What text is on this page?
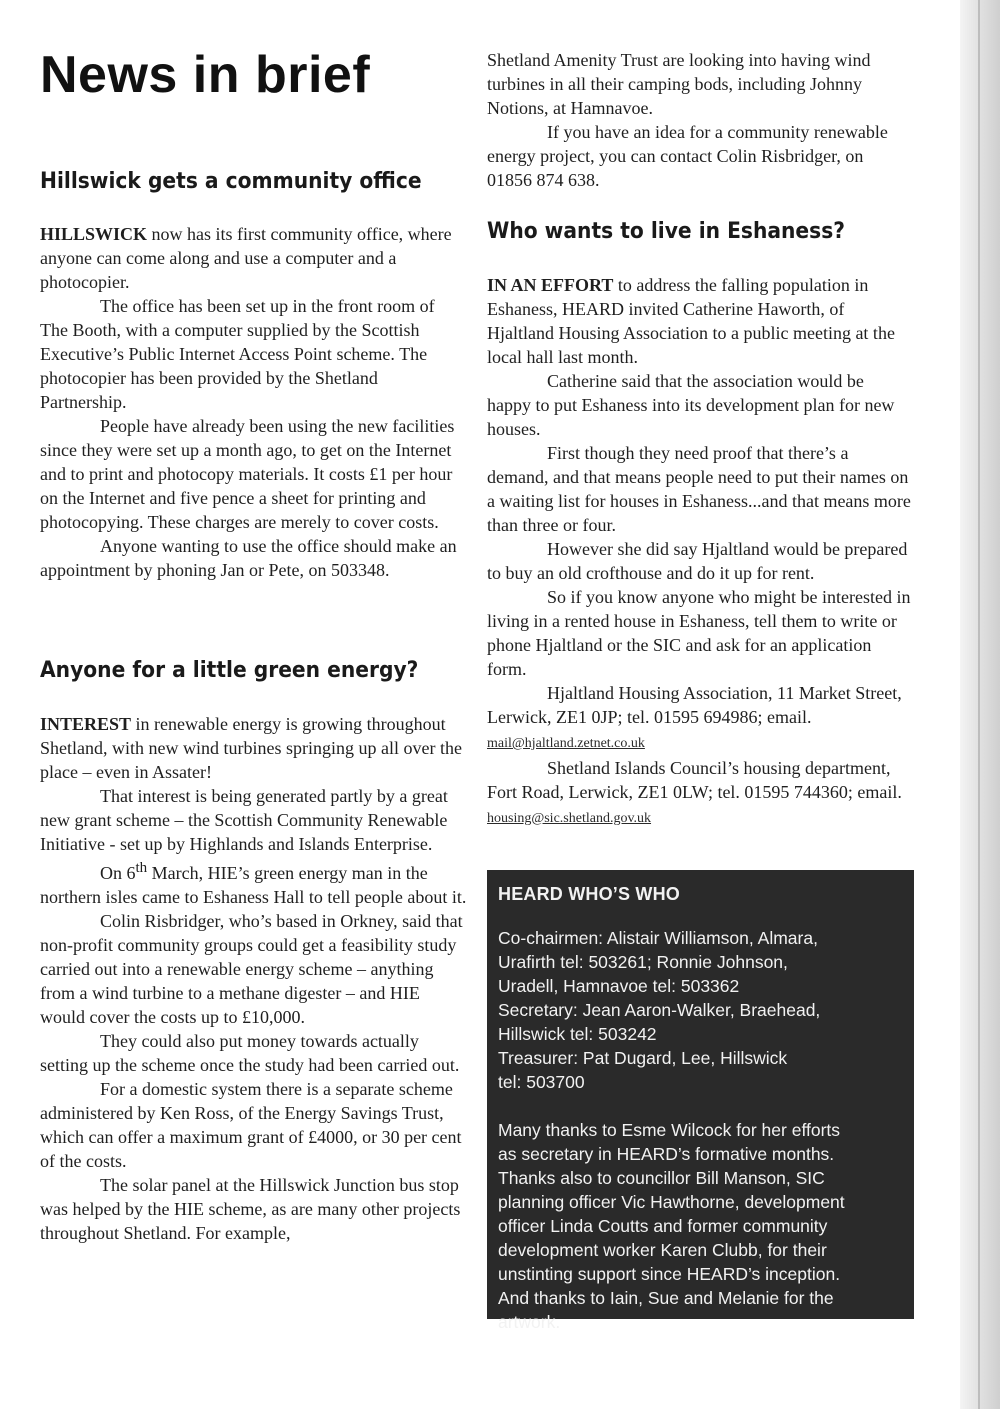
News in brief
Hillswick gets a community office

HILLSWICK now has its first community office, where anyone can come along and use a computer and a photocopier.

The office has been set up in the front room of The Booth, with a computer supplied by the Scottish Executive’s Public Internet Access Point scheme. The photocopier has been provided by the Shetland Partnership.

People have already been using the new facilities since they were set up a month ago, to get on the Internet and to print and photocopy materials. It costs £1 per hour on the Internet and five pence a sheet for printing and photocopying. These charges are merely to cover costs.

Anyone wanting to use the office should make an appointment by phoning Jan or Pete, on 503348.

Anyone for a little green energy?

INTEREST in renewable energy is growing throughout Shetland, with new wind turbines springing up all over the place – even in Assater!

That interest is being generated partly by a great new grant scheme – the Scottish Community Renewable Initiative - set up by Highlands and Islands Enterprise.

On 6th March, HIE’s green energy man in the northern isles came to Eshaness Hall to tell people about it.

Colin Risbridger, who’s based in Orkney, said that non-profit community groups could get a feasibility study carried out into a renewable energy scheme – anything from a wind turbine to a methane digester – and HIE would cover the costs up to £10,000.

They could also put money towards actually setting up the scheme once the study had been carried out.

For a domestic system there is a separate scheme administered by Ken Ross, of the Energy Savings Trust, which can offer a maximum grant of £4000, or 30 per cent of the costs.

The solar panel at the Hillswick Junction bus stop was helped by the HIE scheme, as are many other projects throughout Shetland. For example,

Shetland Amenity Trust are looking into having wind turbines in all their camping bods, including Johnny Notions, at Hamnavoe.

If you have an idea for a community renewable energy project, you can contact Colin Risbridger, on 01856 874 638.

Who wants to live in Eshaness?

IN AN EFFORT to address the falling population in Eshaness, HEARD invited Catherine Haworth, of Hjaltland Housing Association to a public meeting at the local hall last month.

Catherine said that the association would be happy to put Eshaness into its development plan for new houses.

First though they need proof that there’s a demand, and that means people need to put their names on a waiting list for houses in Eshaness...and that means more than three or four.

However she did say Hjaltland would be prepared to buy an old crofthouse and do it up for rent.

So if you know anyone who might be interested in living in a rented house in Eshaness, tell them to write or phone Hjaltland or the SIC and ask for an application form.

Hjaltland Housing Association, 11 Market Street, Lerwick, ZE1 0JP; tel. 01595 694986; email.

mail@hjaltland.zetnet.co.uk

Shetland Islands Council’s housing department, Fort Road, Lerwick, ZE1 0LW; tel. 01595 744360; email. housing@sic.shetland.gov.uk

HEARD WHO’S WHO

Co-chairmen: Alistair Williamson, Almara,

Urafirth tel: 503261; Ronnie Johnson,

Uradell, Hamnavoe tel: 503362

Secretary: Jean Aaron-Walker, Braehead,

Hillswick tel: 503242

Treasurer: Pat Dugard, Lee, Hillswick

tel: 503700

Many thanks to Esme Wilcock for her efforts

as secretary in HEARD’s formative months.

Thanks also to councillor Bill Manson, SIC

planning officer Vic Hawthorne, development

officer Linda Coutts and former community

development worker Karen Clubb, for their

unstinting support since HEARD’s inception.

And thanks to Iain, Sue and Melanie for the

artwork.
